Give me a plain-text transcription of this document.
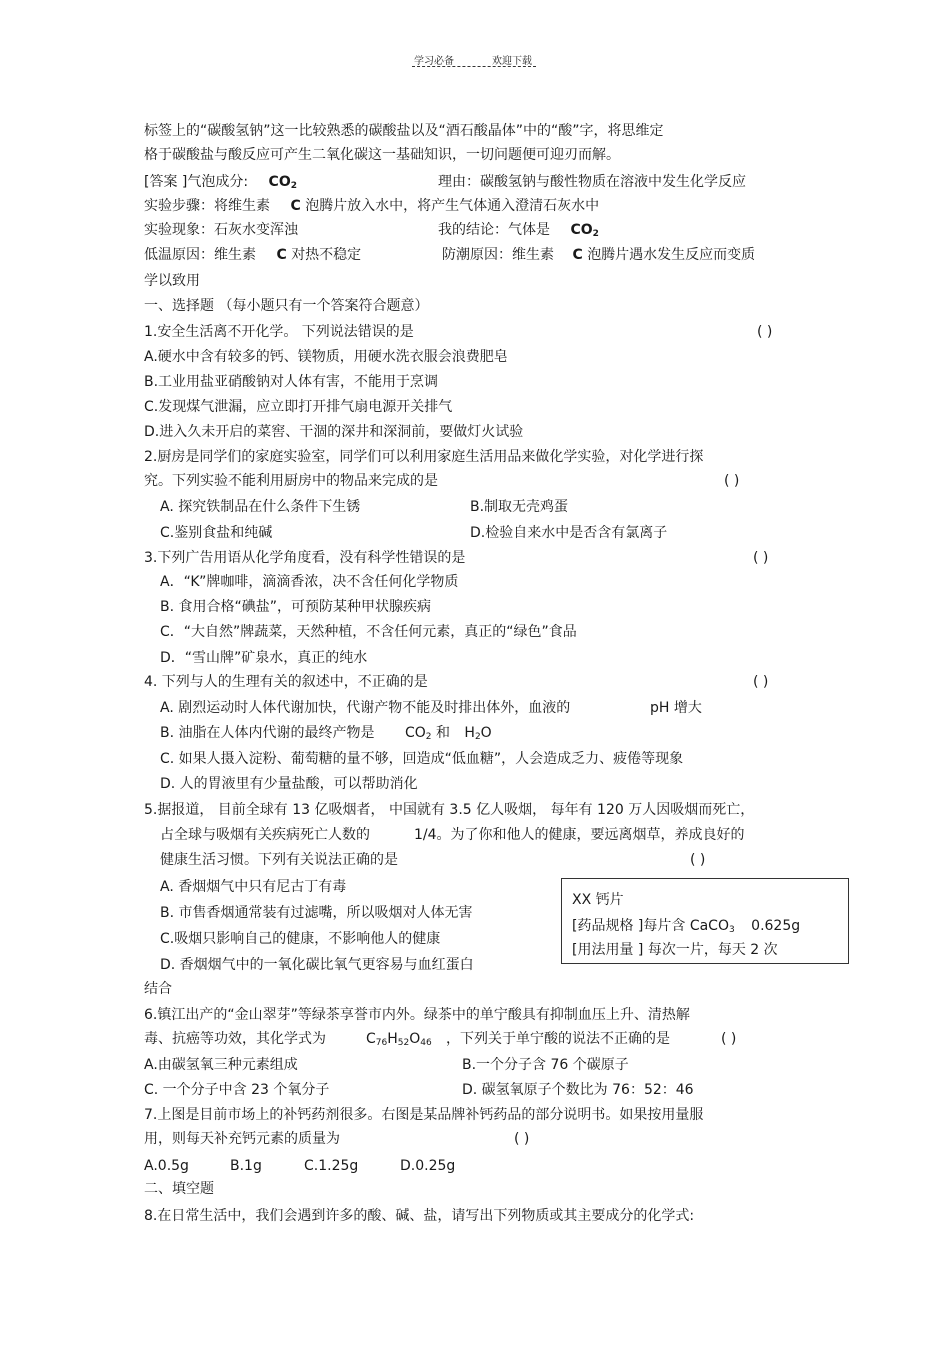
学习必备	欢迎下载
标签上的“碳酸氢钠”这一比较熟悉的碳酸盐以及“酒石酸晶体”中的“酸”字，将思维定
格于碳酸盐与酸反应可产生二氧化碳这一基础知识，一切问题便可迎刃而解。
[答案 ]气泡成分: $CO_2$	理由：碳酸氢钠与酸性物质在溶液中发生化学反应
实验步骤：将维生素 C 泡腾片放入水中，将产生气体通入澄清石灰水中
实验现象：石灰水变浑浊	我的结论：气体是 $CO_2$
低温原因：维生素 C 对热不稳定	防潮原因：维生素 C 泡腾片遇水发生反应而变质
学以致用
一、选择题 （每小题只有一个答案符合题意）
1.安全生活离不开化学。 下列说法错误的是	( )
A.硬水中含有较多的钙、镁物质，用硬水洗衣服会浪费肥皂
B.工业用盐亚硝酸钠对人体有害，不能用于烹调
C.发现煤气泄漏，应立即打开排气扇电源开关排气
D.进入久未开启的菜窖、干涸的深井和深洞前，要做灯火试验
2.厨房是同学们的家庭实验室，同学们可以利用家庭生活用品来做化学实验，对化学进行探
究。下列实验不能利用厨房中的物品来完成的是	( )
A. 探究铁制品在什么条件下生锈	B.制取无壳鸡蛋
C.鉴别食盐和纯碱	D.检验自来水中是否含有氯离子
3.下列广告用语从化学角度看，没有科学性错误的是	( )
A．“K”牌咖啡，滴滴香浓，决不含任何化学物质
B. 食用合格“碘盐”，可预防某种甲状腺疾病
C．“大自然”牌蔬菜，天然种植，不含任何元素，真正的“绿色”食品
D．“雪山牌”矿泉水，真正的纯水
4. 下列与人的生理有关的叙述中，不正确的是	( )
A. 剧烈运动时人体代谢加快，代谢产物不能及时排出体外，血液的	pH 增大
B. 油脂在人体内代谢的最终产物是 $CO_2$ 和 $H_2O$
C. 如果人摄入淀粉、葡萄糖的量不够，回造成“低血糖”，人会造成乏力、疲倦等现象
D. 人的胃液里有少量盐酸，可以帮助消化
5.据报道， 目前全球有 13 亿吸烟者， 中国就有 3.5 亿人吸烟， 每年有 120 万人因吸烟而死亡，
占全球与吸烟有关疾病死亡人数的	1/4。为了你和他人的健康，要远离烟草，养成良好的
健康生活习惯。下列有关说法正确的是	( )
A. 香烟烟气中只有尼古丁有毒
B. 市售香烟通常装有过滤嘴，所以吸烟对人体无害
C.吸烟只影响自己的健康，不影响他人的健康
D. 香烟烟气中的一氧化碳比氧气更容易与血红蛋白
结合
XX 钙片
[药品规格 ]每片含 CaCO$_3$ 0.625g
[用法用量 ] 每次一片，每天 2 次
6.镇江出产的“金山翠芽”等绿茶享誉市内外。绿茶中的单宁酸具有抑制血压上升、清热解
毒、抗癌等功效，其化学式为	$C_{76}H_{52}O_{46}$ ，下列关于单宁酸的说法不正确的是	( )
A.由碳氢氧三种元素组成	B.一个分子含 76 个碳原子
C. 一个分子中含 23 个氧分子	D. 碳氢氧原子个数比为 76：52：46
7.上图是目前市场上的补钙药剂很多。右图是某品牌补钙药品的部分说明书。如果按用量服
用，则每天补充钙元素的质量为	( )
A.0.5g	B.1g	C.1.25g	D.0.25g
二、填空题
8.在日常生活中，我们会遇到许多的酸、碱、盐，请写出下列物质或其主要成分的化学式:
